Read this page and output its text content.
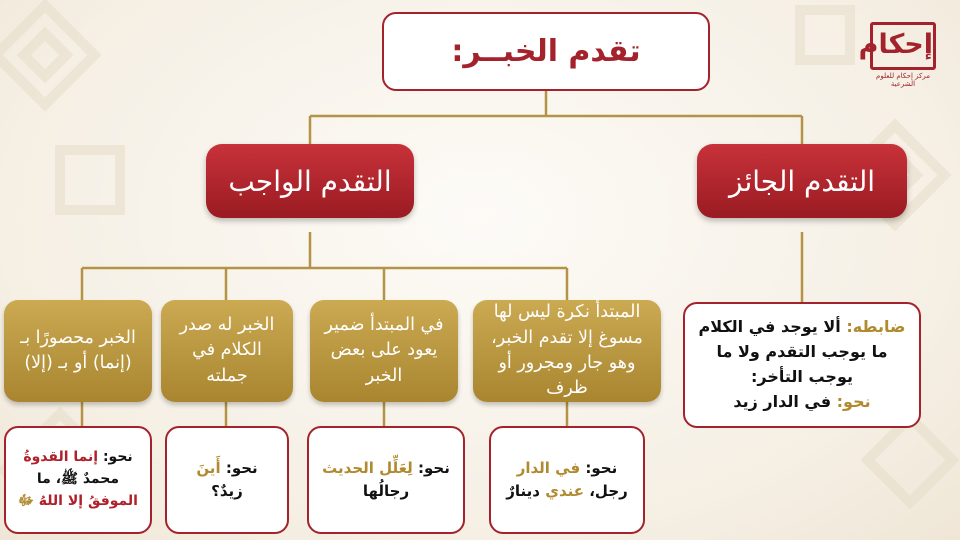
إحكام
مركز إحكام للعلوم الشرعية
تقدم الخبــر:
التقدم الواجب	التقدم الجائز
ضابطه: ألا يوجد في الكلام ما يوجب التقدم ولا ما يوجب التأخر:
نحو: في الدار زيد
المبتدأ نكرة ليس لها مسوغ إلا تقدم الخبر، وهو جار ومجرور أو ظرف
في المبتدأ ضمير يعود على بعض الخبر
الخبر له صدر الكلام في جملته
الخبر محصورًا بـ (إنما) أو بـ (إلا)
نحو: في الدار
رجل، عندي دينارٌ
نحو: لِعَلِّل الحديث
رجالُها
نحو: أَينَ
زيدٌ؟
نحو: إنما القدوةُ
محمدٌ ﷺ، ما
الموفقُ إلا اللهُ ﷻ
